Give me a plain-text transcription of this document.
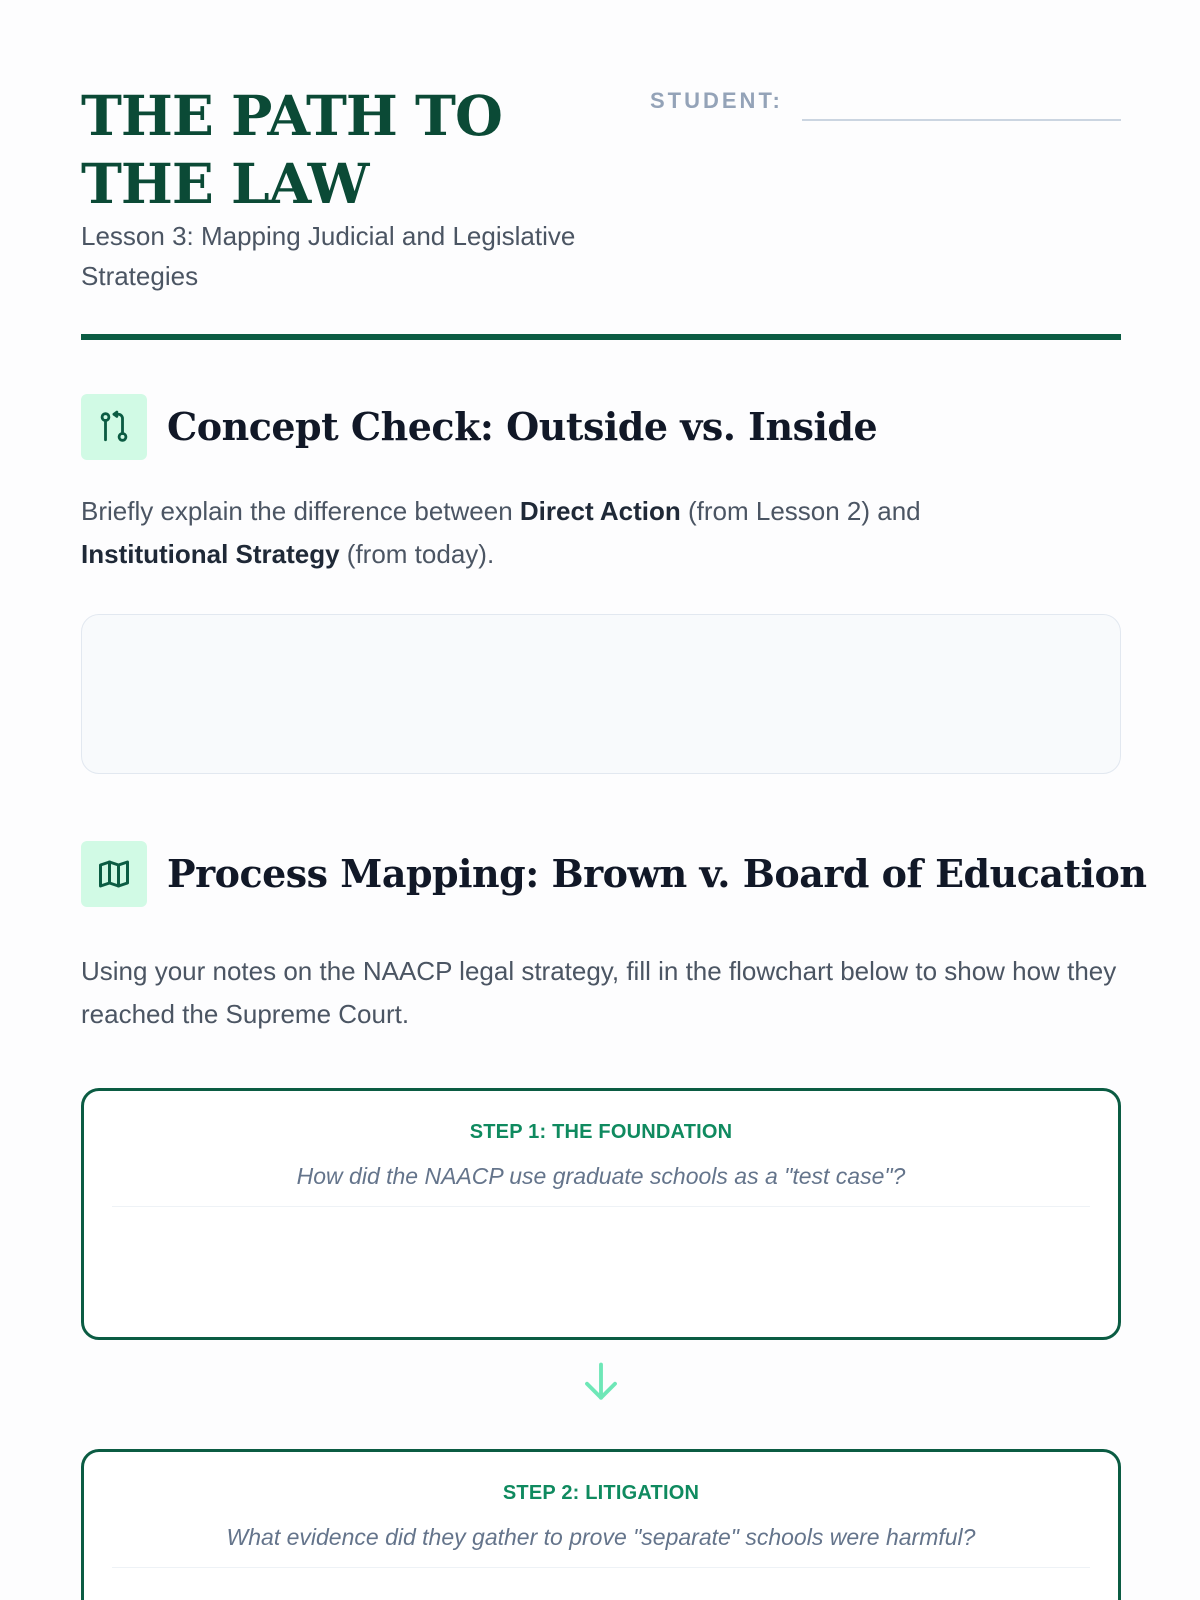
THE PATH TO THE LAW
Lesson 3: Mapping Judicial and Legislative Strategies
STUDENT:
Concept Check: Outside vs. Inside

Briefly explain the difference between Direct Action (from Lesson 2) and
Institutional Strategy (from today).

Process Mapping: Brown v. Board of Education

Using your notes on the NAACP legal strategy, fill in the flowchart below to show how they reached the Supreme Court.

STEP 1: THE FOUNDATION
How did the NAACP use graduate schools as a "test case"?
STEP 2: LITIGATION
What evidence did they gather to prove "separate" schools were harmful?
